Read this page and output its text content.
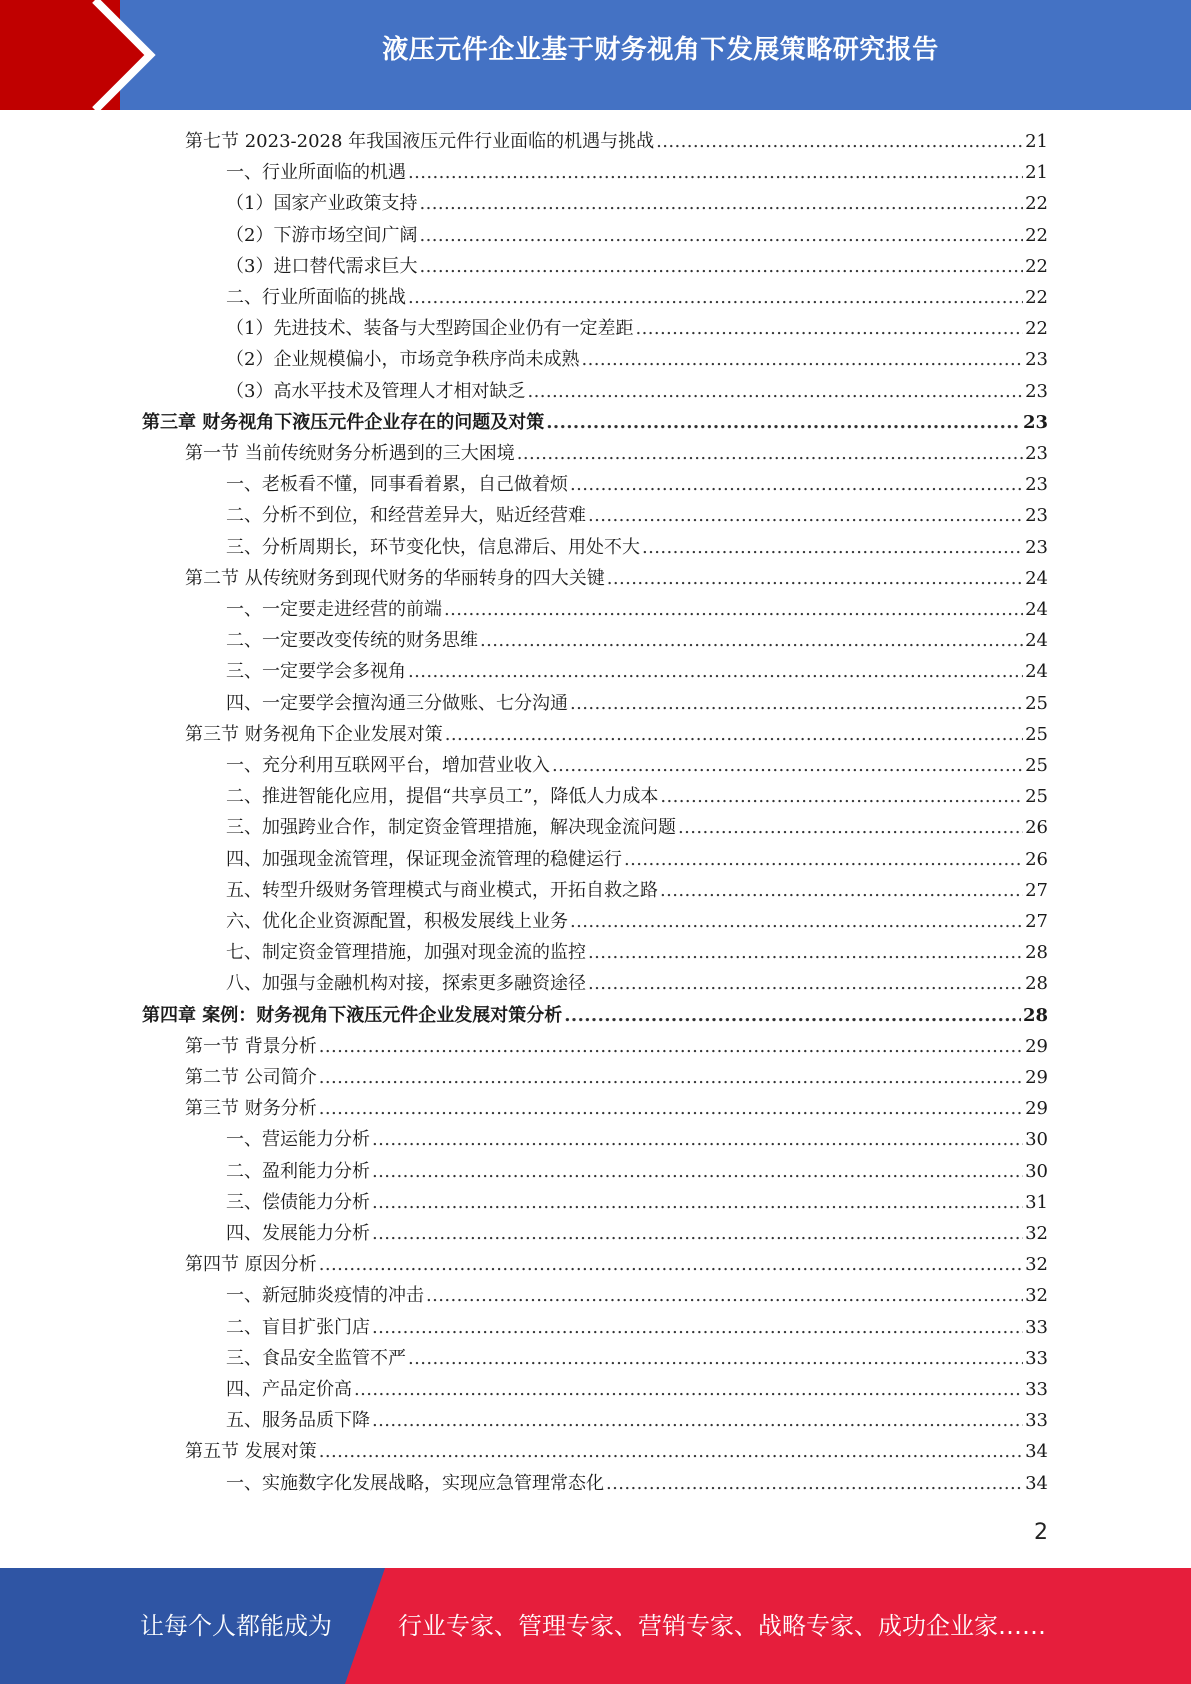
液压元件企业基于财务视角下发展策略研究报告
第七节 2023-2028 年我国液压元件行业面临的机遇与挑战 .....	21
一、行业所面临的机遇 .....	21
（1）国家产业政策支持 .....	22
（2）下游市场空间广阔 .....	22
（3）进口替代需求巨大 .....	22
二、行业所面临的挑战 .....	22
（1）先进技术、装备与大型跨国企业仍有一定差距 .....	22
（2）企业规模偏小，市场竞争秩序尚未成熟 .....	23
（3）高水平技术及管理人才相对缺乏 .....	23
第三章 财务视角下液压元件企业存在的问题及对策 .....	23
第一节 当前传统财务分析遇到的三大困境 .....	23
一、老板看不懂，同事看着累，自己做着烦 .....	23
二、分析不到位，和经营差异大，贴近经营难 .....	23
三、分析周期长，环节变化快，信息滞后、用处不大 .....	23
第二节 从传统财务到现代财务的华丽转身的四大关键 .....	24
一、一定要走进经营的前端 .....	24
二、一定要改变传统的财务思维 .....	24
三、一定要学会多视角 .....	24
四、一定要学会擅沟通三分做账、七分沟通 .....	25
第三节 财务视角下企业发展对策 .....	25
一、充分利用互联网平台，增加营业收入 .....	25
二、推进智能化应用，提倡“共享员工”，降低人力成本 .....	25
三、加强跨业合作，制定资金管理措施，解决现金流问题 .....	26
四、加强现金流管理，保证现金流管理的稳健运行 .....	26
五、转型升级财务管理模式与商业模式，开拓自救之路 .....	27
六、优化企业资源配置，积极发展线上业务 .....	27
七、制定资金管理措施，加强对现金流的监控 .....	28
八、加强与金融机构对接，探索更多融资途径 .....	28
第四章 案例：财务视角下液压元件企业发展对策分析 .....	28
第一节 背景分析 .....	29
第二节 公司简介 .....	29
第三节 财务分析 .....	29
一、营运能力分析 .....	30
二、盈利能力分析 .....	30
三、偿债能力分析 .....	31
四、发展能力分析 .....	32
第四节 原因分析 .....	32
一、新冠肺炎疫情的冲击 .....	32
二、盲目扩张门店 .....	33
三、食品安全监管不严 .....	33
四、产品定价高 .....	33
五、服务品质下降 .....	33
第五节 发展对策 .....	34
一、实施数字化发展战略，实现应急管理常态化 .....	34
2
让每个人都能成为	行业专家、管理专家、营销专家、战略专家、成功企业家……
